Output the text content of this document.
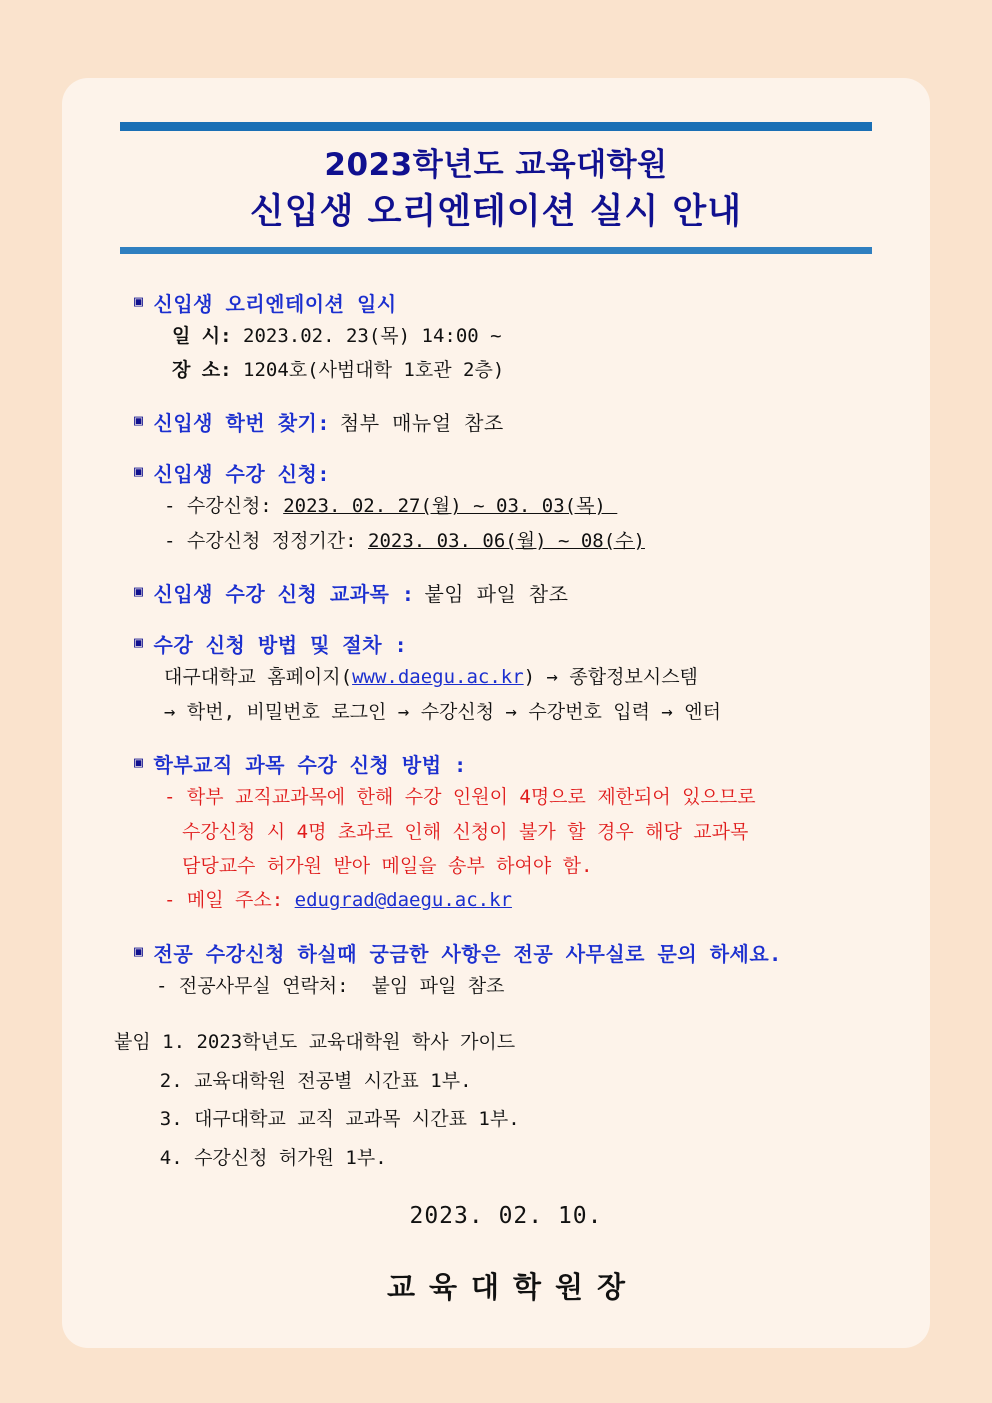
2023학년도 교육대학원
신입생 오리엔테이션 실시 안내
▣
신입생 오리엔테이션 일시
일 시: 2023.02. 23(목) 14:00 ~
장 소: 1204호(사범대학 1호관 2층)
▣
신입생 학번 찾기: 첨부 매뉴얼 참조
▣
신입생 수강 신청:
- 수강신청: 2023. 02. 27(월) ~ 03. 03(목)
- 수강신청 정정기간: 2023. 03. 06(월) ~ 08(수)
▣
신입생 수강 신청 교과목 : 붙임 파일 참조
▣
수강 신청 방법 및 절차 :
대구대학교 홈페이지(www.daegu.ac.kr) → 종합정보시스템
→ 학번, 비밀번호 로그인 → 수강신청 → 수강번호 입력 → 엔터
▣
학부교직 과목 수강 신청 방법 :
- 학부 교직교과목에 한해 수강 인원이 4명으로 제한되어 있으므로
수강신청 시 4명 초과로 인해 신청이 불가 할 경우 해당 교과목
담당교수 허가원 받아 메일을 송부 하여야 함.
- 메일 주소: edugrad@daegu.ac.kr
▣
전공 수강신청 하실때 궁금한 사항은 전공 사무실로 문의 하세요.
- 전공사무실 연락처:  붙임 파일 참조
붙임 1. 2023학년도 교육대학원 학사 가이드
2. 교육대학원 전공별 시간표 1부.
3. 대구대학교 교직 교과목 시간표 1부.
4. 수강신청 허가원 1부.
2023. 02. 10.
교육대학원장
